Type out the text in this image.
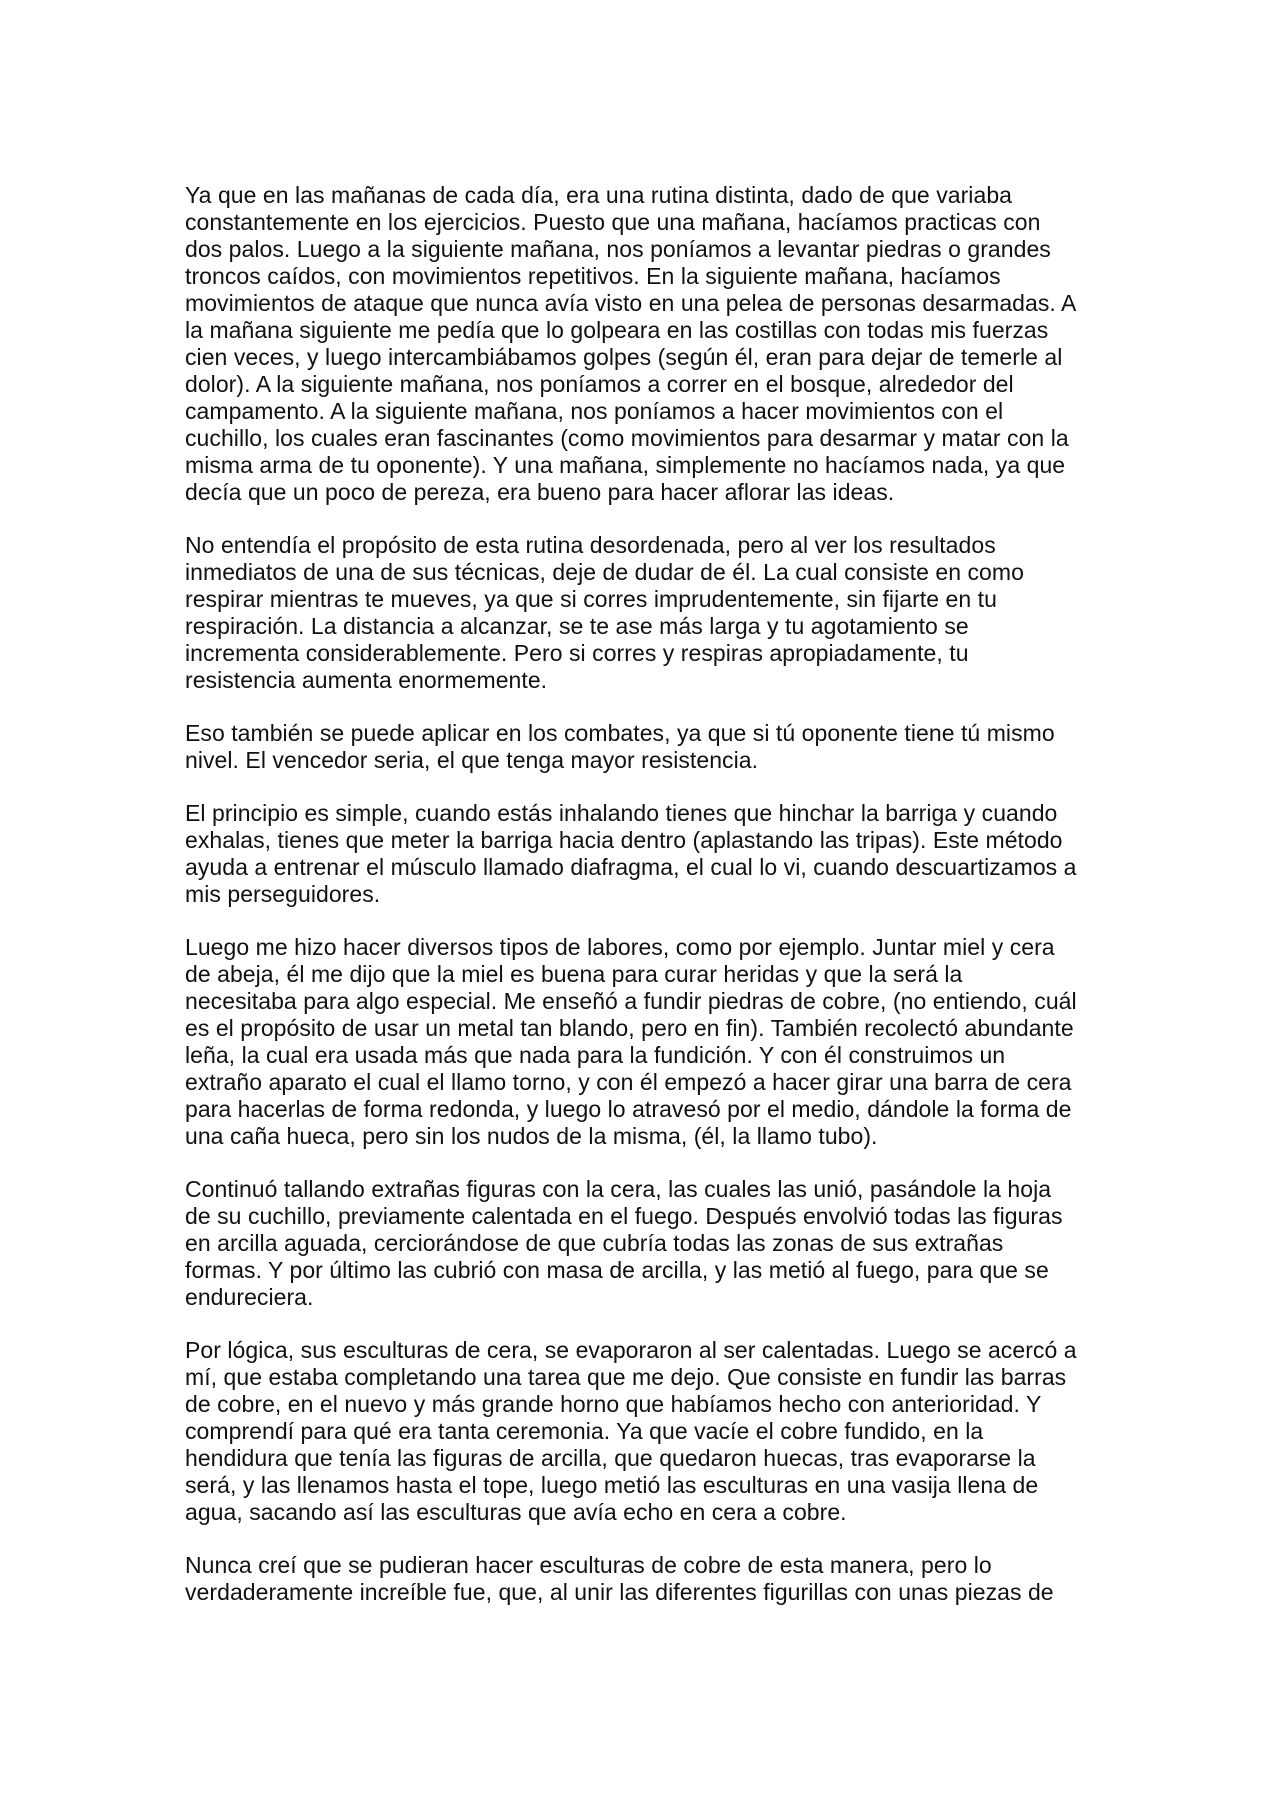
Ya que en las mañanas de cada día, era una rutina distinta, dado de que variaba
constantemente en los ejercicios. Puesto que una mañana, hacíamos practicas con
dos palos. Luego a la siguiente mañana, nos poníamos a levantar piedras o grandes
troncos caídos, con movimientos repetitivos. En la siguiente mañana, hacíamos
movimientos de ataque que nunca avía visto en una pelea de personas desarmadas. A
la mañana siguiente me pedía que lo golpeara en las costillas con todas mis fuerzas
cien veces, y luego intercambiábamos golpes (según él, eran para dejar de temerle al
dolor). A la siguiente mañana, nos poníamos a correr en el bosque, alrededor del
campamento. A la siguiente mañana, nos poníamos a hacer movimientos con el
cuchillo, los cuales eran fascinantes (como movimientos para desarmar y matar con la
misma arma de tu oponente). Y una mañana, simplemente no hacíamos nada, ya que
decía que un poco de pereza, era bueno para hacer aflorar las ideas.

No entendía el propósito de esta rutina desordenada, pero al ver los resultados
inmediatos de una de sus técnicas, deje de dudar de él. La cual consiste en como
respirar mientras te mueves, ya que si corres imprudentemente, sin fijarte en tu
respiración. La distancia a alcanzar, se te ase más larga y tu agotamiento se
incrementa considerablemente. Pero si corres y respiras apropiadamente, tu
resistencia aumenta enormemente.

Eso también se puede aplicar en los combates, ya que si tú oponente tiene tú mismo
nivel. El vencedor seria, el que tenga mayor resistencia.

El principio es simple, cuando estás inhalando tienes que hinchar la barriga y cuando
exhalas, tienes que meter la barriga hacia dentro (aplastando las tripas). Este método
ayuda a entrenar el músculo llamado diafragma, el cual lo vi, cuando descuartizamos a
mis perseguidores.

Luego me hizo hacer diversos tipos de labores, como por ejemplo. Juntar miel y cera
de abeja, él me dijo que la miel es buena para curar heridas y que la será la
necesitaba para algo especial. Me enseñó a fundir piedras de cobre, (no entiendo, cuál
es el propósito de usar un metal tan blando, pero en fin). También recolectó abundante
leña, la cual era usada más que nada para la fundición. Y con él construimos un
extraño aparato el cual el llamo torno, y con él empezó a hacer girar una barra de cera
para hacerlas de forma redonda, y luego lo atravesó por el medio, dándole la forma de
una caña hueca, pero sin los nudos de la misma, (él, la llamo tubo).

Continuó tallando extrañas figuras con la cera, las cuales las unió, pasándole la hoja
de su cuchillo, previamente calentada en el fuego. Después envolvió todas las figuras
en arcilla aguada, cerciorándose de que cubría todas las zonas de sus extrañas
formas. Y por último las cubrió con masa de arcilla, y las metió al fuego, para que se
endureciera.

Por lógica, sus esculturas de cera, se evaporaron al ser calentadas. Luego se acercó a
mí, que estaba completando una tarea que me dejo. Que consiste en fundir las barras
de cobre, en el nuevo y más grande horno que habíamos hecho con anterioridad. Y
comprendí para qué era tanta ceremonia. Ya que vacíe el cobre fundido, en la
hendidura que tenía las figuras de arcilla, que quedaron huecas, tras evaporarse la
será, y las llenamos hasta el tope, luego metió las esculturas en una vasija llena de
agua, sacando así las esculturas que avía echo en cera a cobre.

Nunca creí que se pudieran hacer esculturas de cobre de esta manera, pero lo
verdaderamente increíble fue, que, al unir las diferentes figurillas con unas piezas de
